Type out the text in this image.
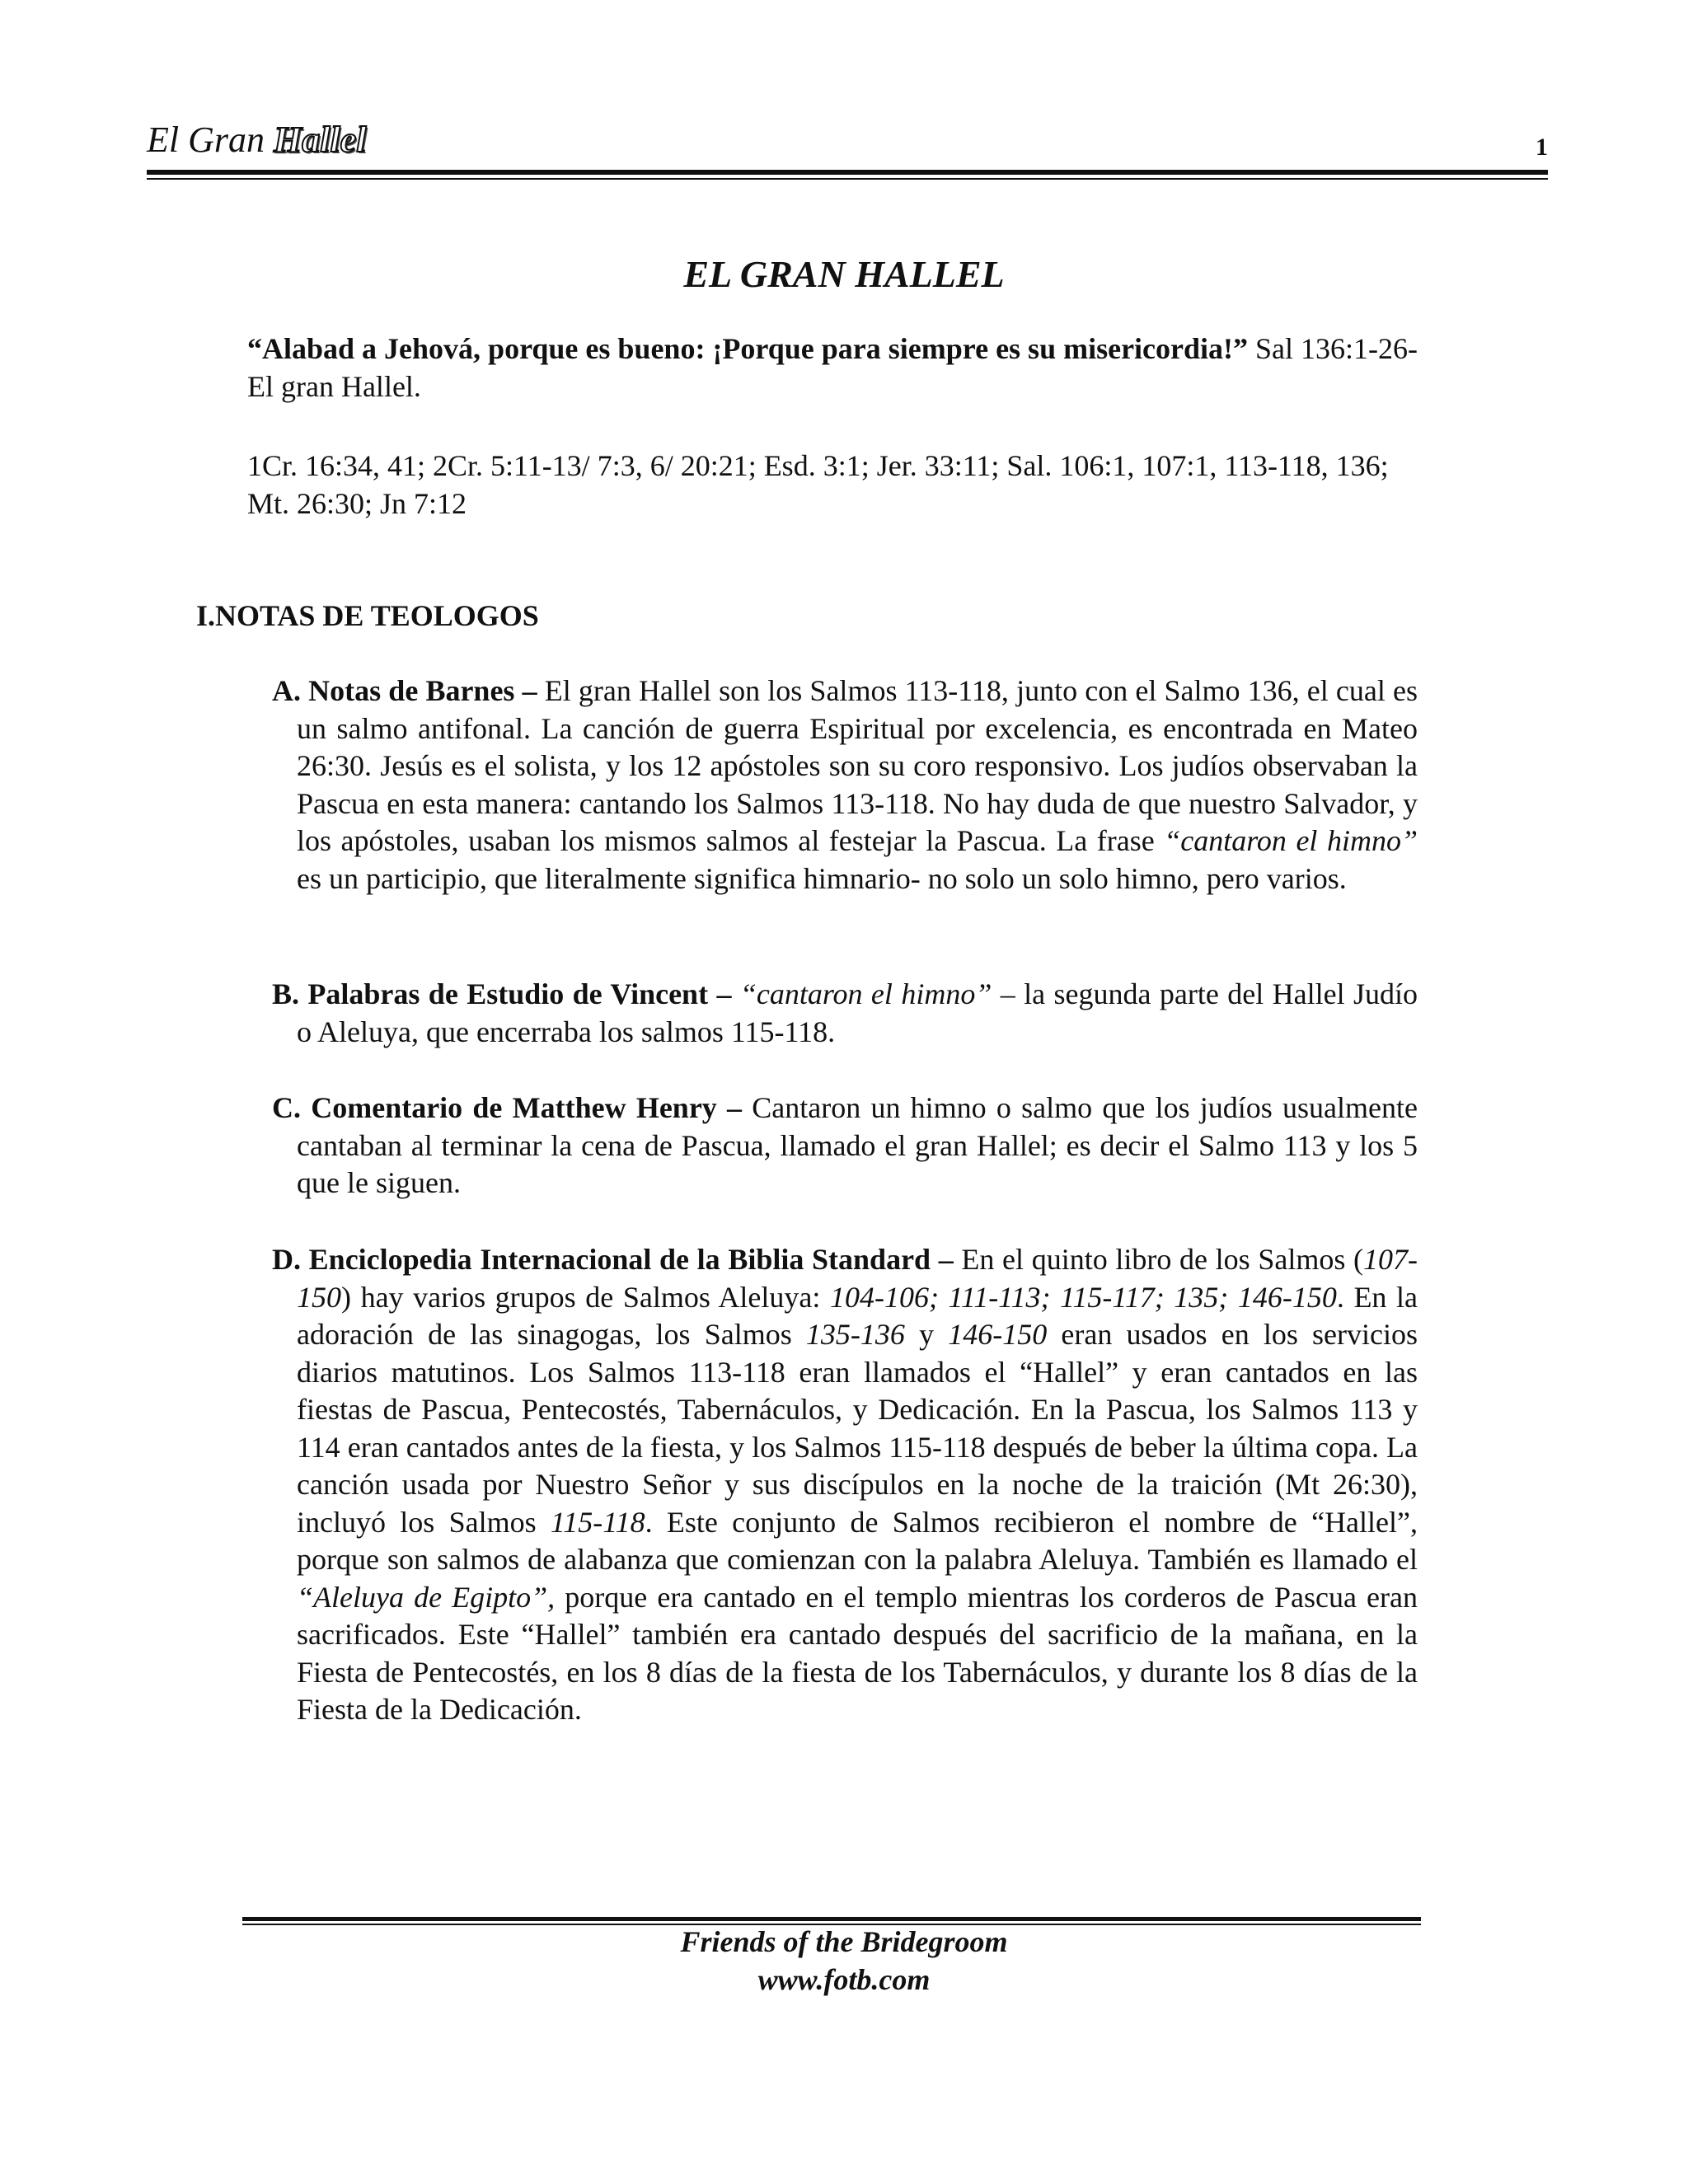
El Gran Hallel	1
EL GRAN HALLEL
“Alabad a Jehová, porque es bueno: ¡Porque para siempre es su misericordia!” Sal 136:1-26- El gran Hallel.
1Cr. 16:34, 41; 2Cr. 5:11-13/ 7:3, 6/ 20:21; Esd. 3:1; Jer. 33:11; Sal. 106:1, 107:1, 113-118, 136; Mt. 26:30; Jn 7:12
I.NOTAS DE TEOLOGOS
A. Notas de Barnes – El gran Hallel son los Salmos 113-118, junto con el Salmo 136, el cual es un salmo antifonal. La canción de guerra Espiritual por excelencia, es encontrada en Mateo 26:30. Jesús es el solista, y los 12 apóstoles son su coro responsivo. Los judíos observaban la Pascua en esta manera: cantando los Salmos 113-118. No hay duda de que nuestro Salvador, y los apóstoles, usaban los mismos salmos al festejar la Pascua. La frase “cantaron el himno” es un participio, que literalmente significa himnario- no solo un solo himno, pero varios.
B. Palabras de Estudio de Vincent – “cantaron el himno” – la segunda parte del Hallel Judío o Aleluya, que encerraba los salmos 115-118.
C. Comentario de Matthew Henry – Cantaron un himno o salmo que los judíos usualmente cantaban al terminar la cena de Pascua, llamado el gran Hallel; es decir el Salmo 113 y los 5 que le siguen.
D. Enciclopedia Internacional de la Biblia Standard – En el quinto libro de los Salmos (107-150) hay varios grupos de Salmos Aleluya: 104-106; 111-113; 115-117; 135; 146-150. En la adoración de las sinagogas, los Salmos 135-136 y 146-150 eran usados en los servicios diarios matutinos. Los Salmos 113-118 eran llamados el “Hallel” y eran cantados en las fiestas de Pascua, Pentecostés, Tabernáculos, y Dedicación. En la Pascua, los Salmos 113 y 114 eran cantados antes de la fiesta, y los Salmos 115-118 después de beber la última copa. La canción usada por Nuestro Señor y sus discípulos en la noche de la traición (Mt 26:30), incluyó los Salmos 115-118. Este conjunto de Salmos recibieron el nombre de “Hallel”, porque son salmos de alabanza que comienzan con la palabra Aleluya. También es llamado el “Aleluya de Egipto”, porque era cantado en el templo mientras los corderos de Pascua eran sacrificados. Este “Hallel” también era cantado después del sacrificio de la mañana, en la Fiesta de Pentecostés, en los 8 días de la fiesta de los Tabernáculos, y durante los 8 días de la Fiesta de la Dedicación.
Friends of the Bridegroom
www.fotb.com
